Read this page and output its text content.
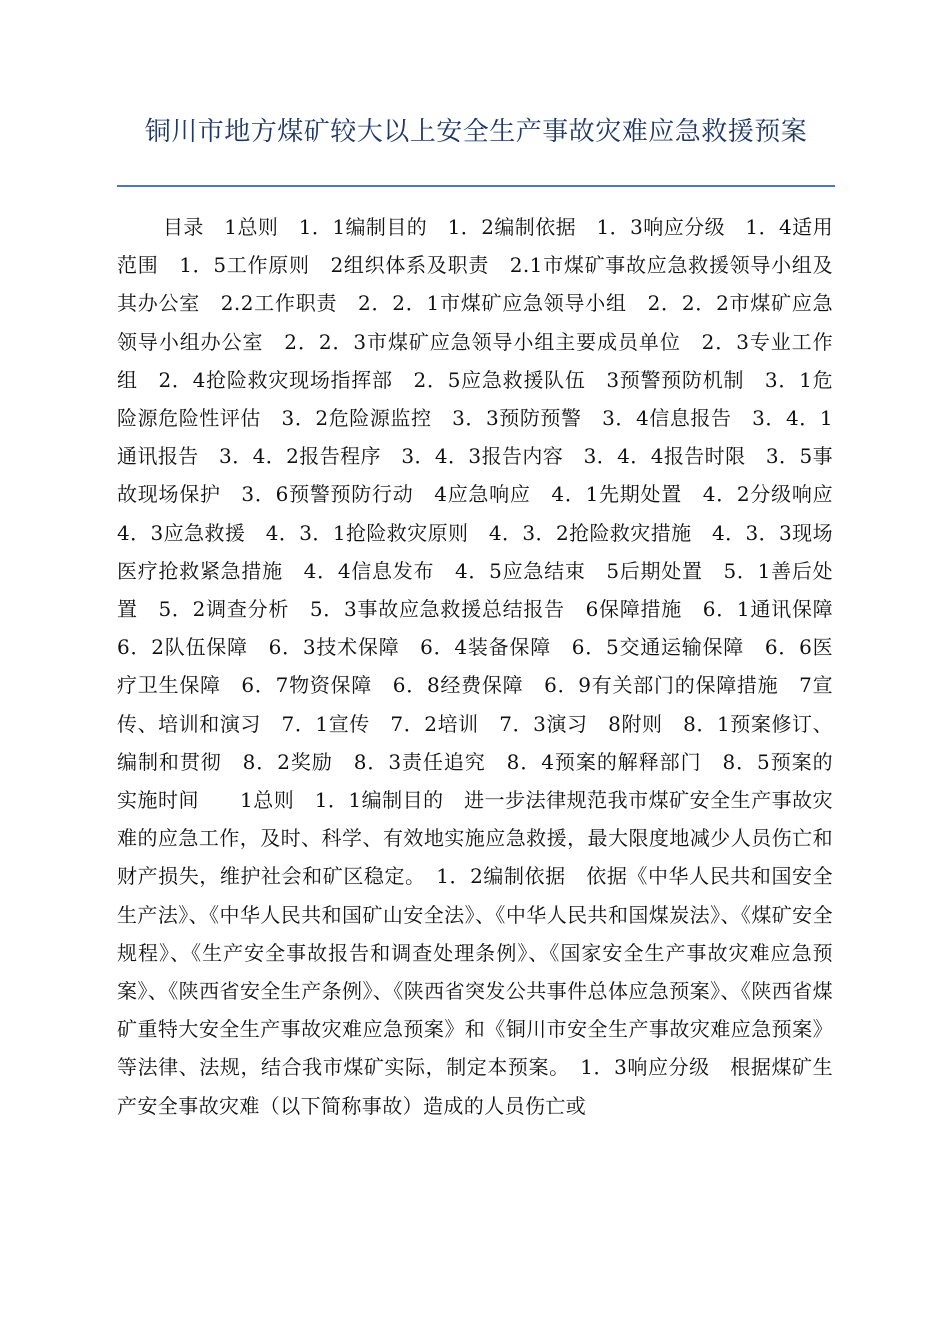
铜川市地方煤矿较大以上安全生产事故灾难应急救援预案

目录　1总则　1．1编制目的　1．2编制依据　1．3响应分级　1．4适用范围　1．5工作原则　2组织体系及职责　2.1市煤矿事故应急救援领导小组及其办公室　2.2工作职责　2．2．1市煤矿应急领导小组　2．2．2市煤矿应急领导小组办公室　2．2．3市煤矿应急领导小组主要成员单位　2．3专业工作组　2．4抢险救灾现场指挥部　2．5应急救援队伍　3预警预防机制　3．1危险源危险性评估　3．2危险源监控　3．3预防预警　3．4信息报告　3．4．1通讯报告　3．4．2报告程序　3．4．3报告内容　3．4．4报告时限　3．5事故现场保护　3．6预警预防行动　4应急响应　4．1先期处置　4．2分级响应　4．3应急救援　4．3．1抢险救灾原则　4．3．2抢险救灾措施　4．3．3现场医疗抢救紧急措施　4．4信息发布　4．5应急结束　5后期处置　5．1善后处置　5．2调查分析　5．3事故应急救援总结报告　6保障措施　6．1通讯保障　6．2队伍保障　6．3技术保障　6．4装备保障　6．5交通运输保障　6．6医疗卫生保障　6．7物资保障　6．8经费保障　6．9有关部门的保障措施　7宣传、培训和演习　7．1宣传　7．2培训　7．3演习　8附则　8．1预案修订、编制和贯彻　8．2奖励　8．3责任追究　8．4预案的解释部门　8．5预案的实施时间　　1总则　1．1编制目的　进一步法律规范我市煤矿安全生产事故灾难的应急工作，及时、科学、有效地实施应急救援，最大限度地减少人员伤亡和财产损失，维护社会和矿区稳定。　1．2编制依据　依据《中华人民共和国安全生产法》、《中华人民共和国矿山安全法》、《中华人民共和国煤炭法》、《煤矿安全规程》、《生产安全事故报告和调查处理条例》、《国家安全生产事故灾难应急预案》、《陕西省安全生产条例》、《陕西省突发公共事件总体应急预案》、《陕西省煤矿重特大安全生产事故灾难应急预案》和《铜川市安全生产事故灾难应急预案》等法律、法规，结合我市煤矿实际，制定本预案。　1．3响应分级　根据煤矿生产安全事故灾难（以下简称事故）造成的人员伤亡或
